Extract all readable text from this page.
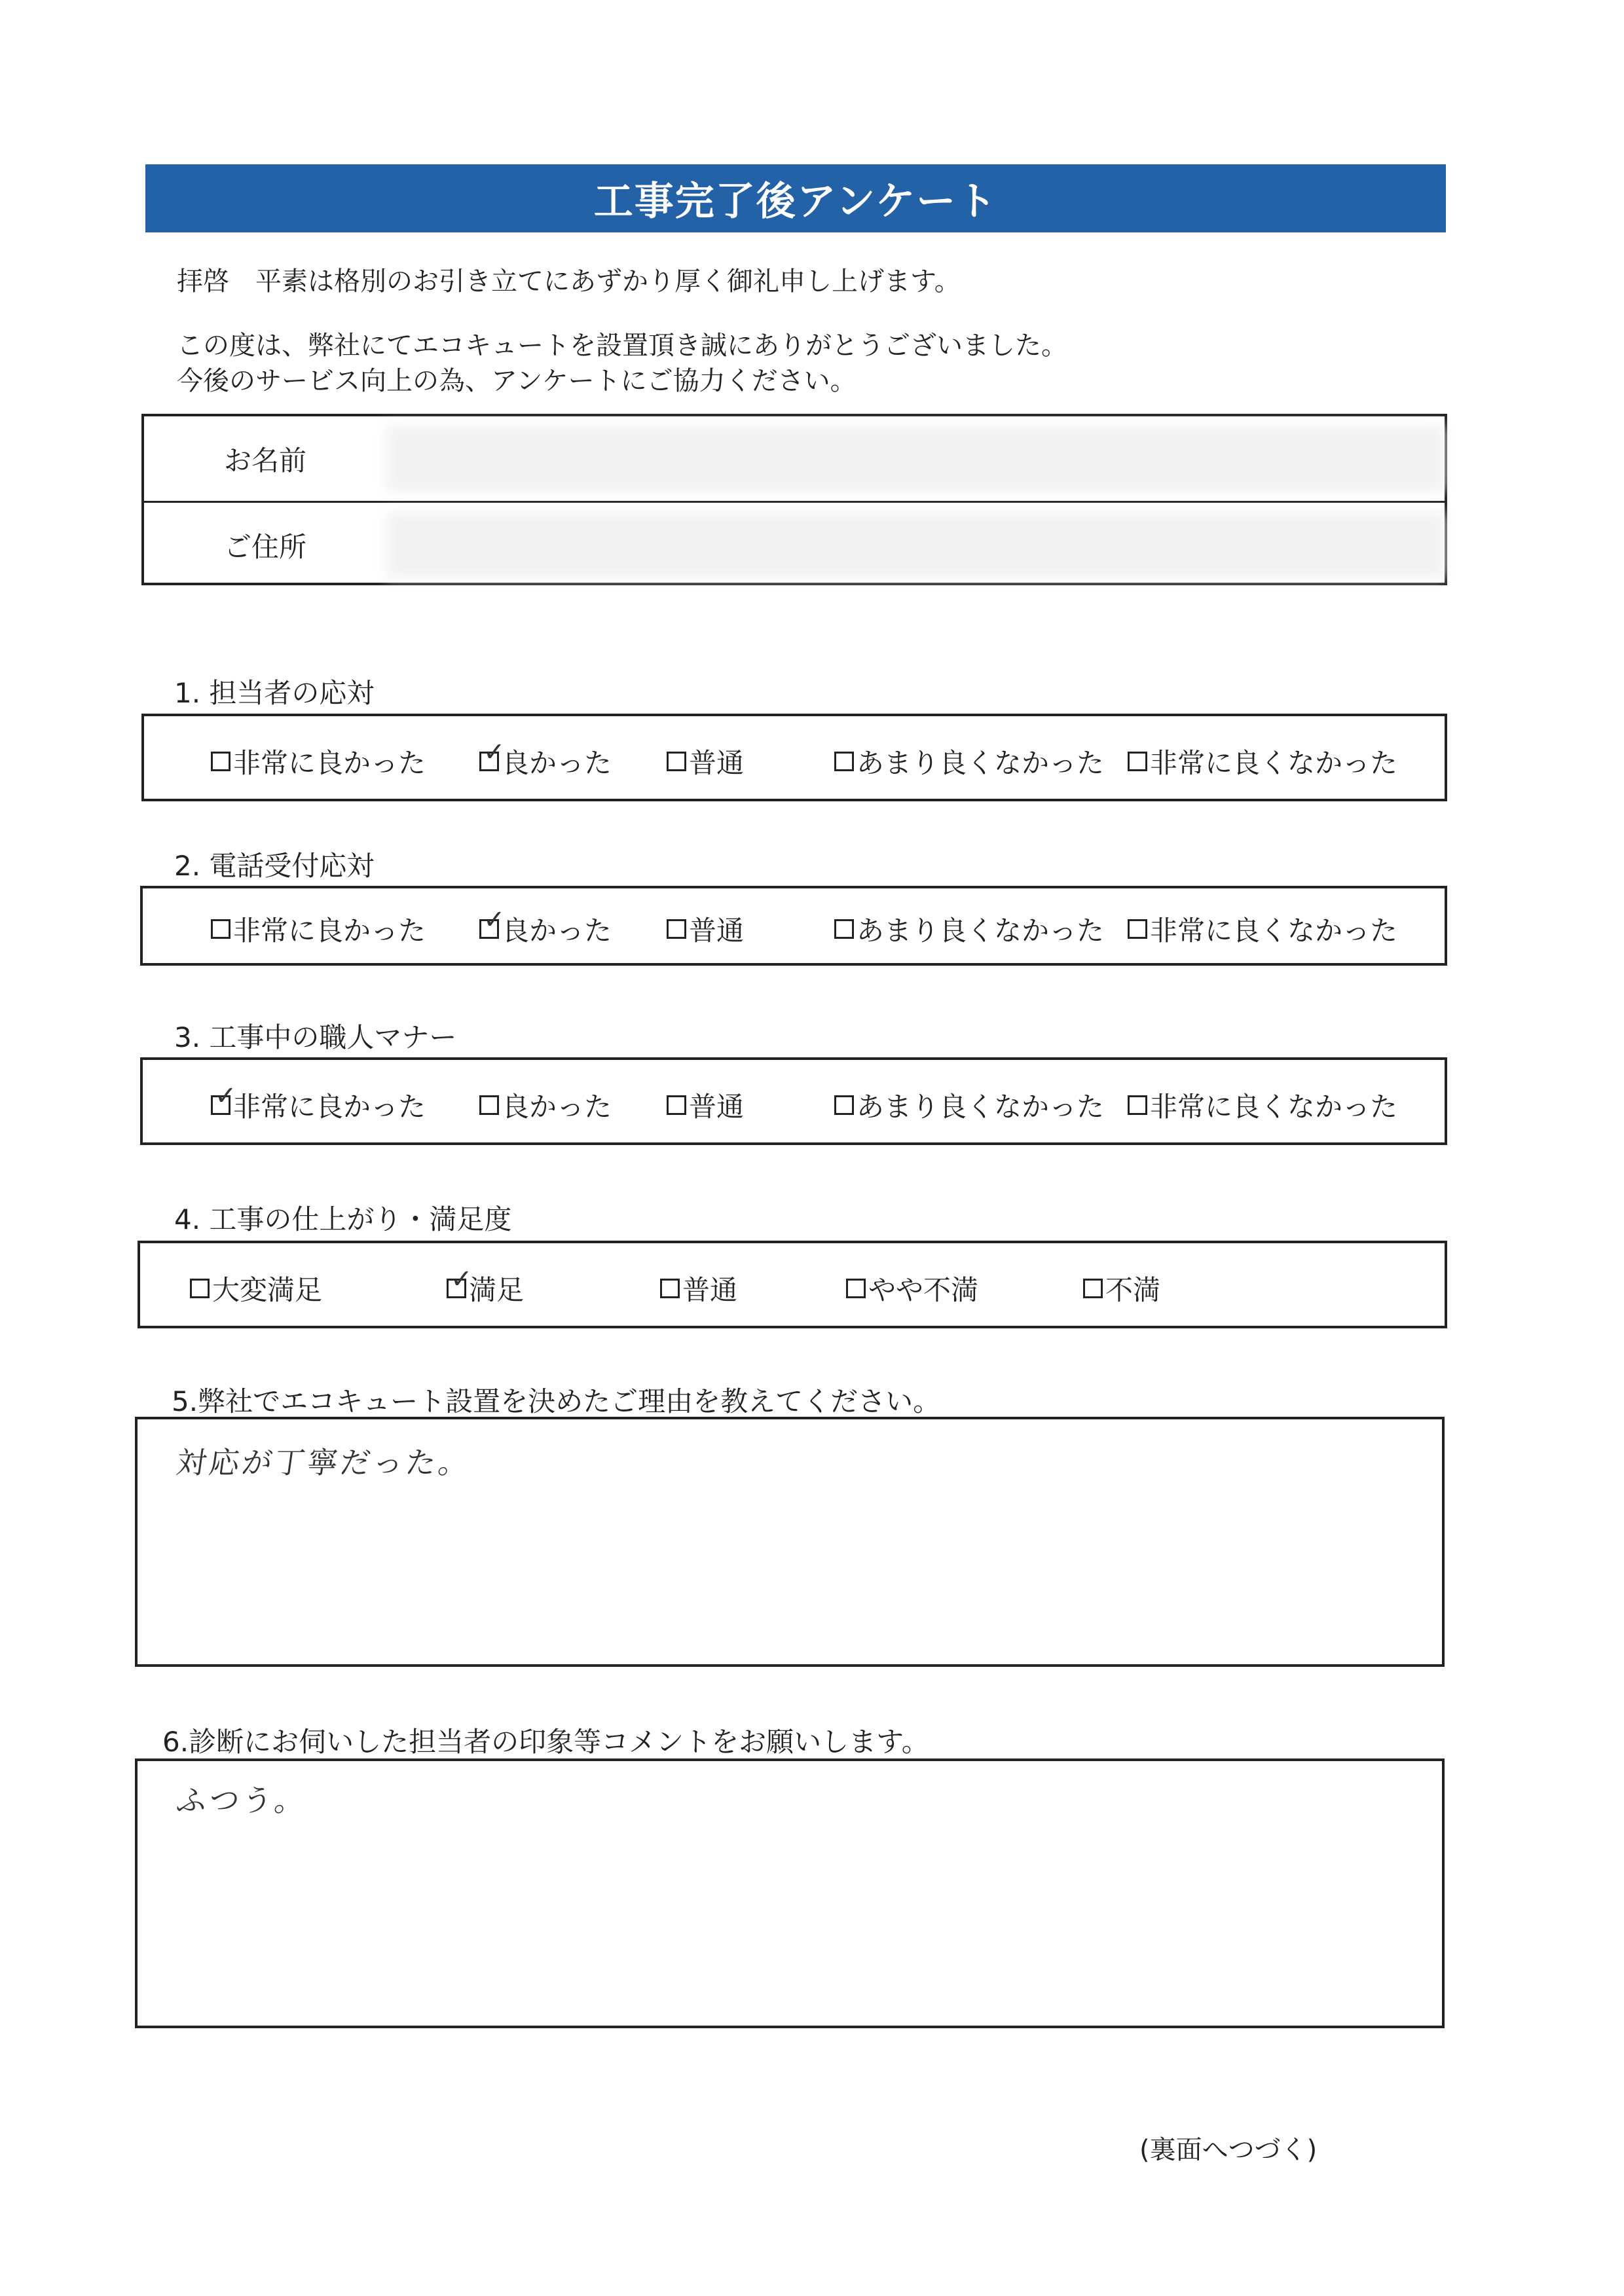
工事完了後アンケート
拝啓　平素は格別のお引き立てにあずかり厚く御礼申し上げます。
この度は、弊社にてエコキュートを設置頂き誠にありがとうございました。
今後のサービス向上の為、アンケートにご協力ください。
お名前
ご住所
1. 担当者の応対
非常に良かった ✓
良かった	普通	あまり良くなかった 非常に良くなかった
2. 電話受付応対
非常に良かった ✓
良かった	普通	あまり良くなかった 非常に良くなかった
3. 工事中の職人マナー
✓
非常に良かった	良かった	普通	あまり良くなかった 非常に良くなかった
4. 工事の仕上がり・満足度
大変満足	✓
満足	普通	やや不満	不満
5.弊社でエコキュート設置を決めたご理由を教えてください。
対応が丁寧だった。
6.診断にお伺いした担当者の印象等コメントをお願いします。
ふつう。
(裏面へつづく)
